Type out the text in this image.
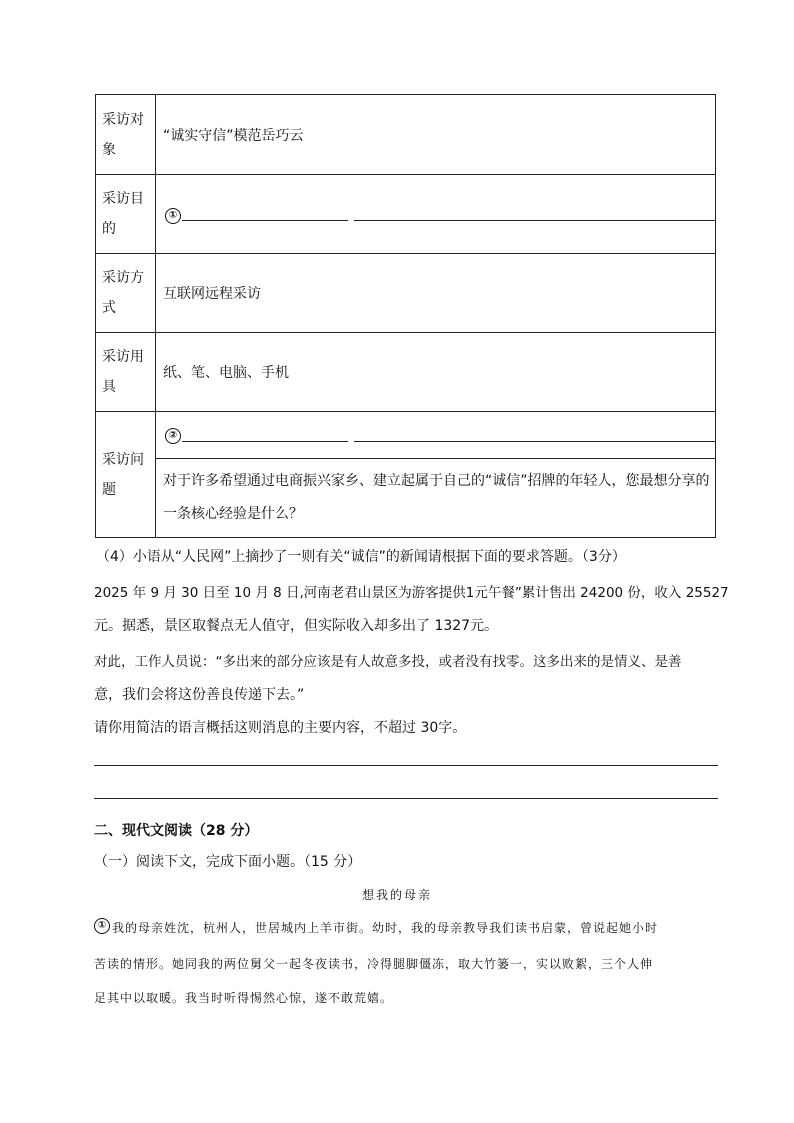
采访对象
“诚实守信”模范岳巧云
采访目的
①
采访方式
互联网远程采访
采访用具
纸、笔、电脑、手机
采访问题
②
对于许多希望通过电商振兴家乡、建立起属于自己的“诚信”招牌的年轻人，您最想分享的
一条核心经验是什么？
（4）小语从“人民网”上摘抄了一则有关“诚信”的新闻请根据下面的要求答题。（3分）
2025 年 9 月 30 日至 10 月 8 日,河南老君山景区为游客提供1元午餐”累计售出 24200 份，收入 25527
元。据悉，景区取餐点无人值守，但实际收入却多出了 1327元。
对此，工作人员说：“多出来的部分应该是有人故意多投，或者没有找零。这多出来的是情义、是善
意，我们会将这份善良传递下去。”
请你用简洁的语言概括这则消息的主要内容，不超过 30字。
二、现代文阅读（28 分）
（一）阅读下文，完成下面小题。（15 分）
想我的母亲
① 我的母亲姓沈，杭州人，世居城内上羊市街。幼时，我的母亲教导我们读书启蒙，曾说起她小时
苦读的情形。她同我的两位舅父一起冬夜读书，冷得腿脚僵冻，取大竹篓一，实以败絮，三个人伸
足其中以取暖。我当时听得惕然心惊，遂不敢荒嬉。
